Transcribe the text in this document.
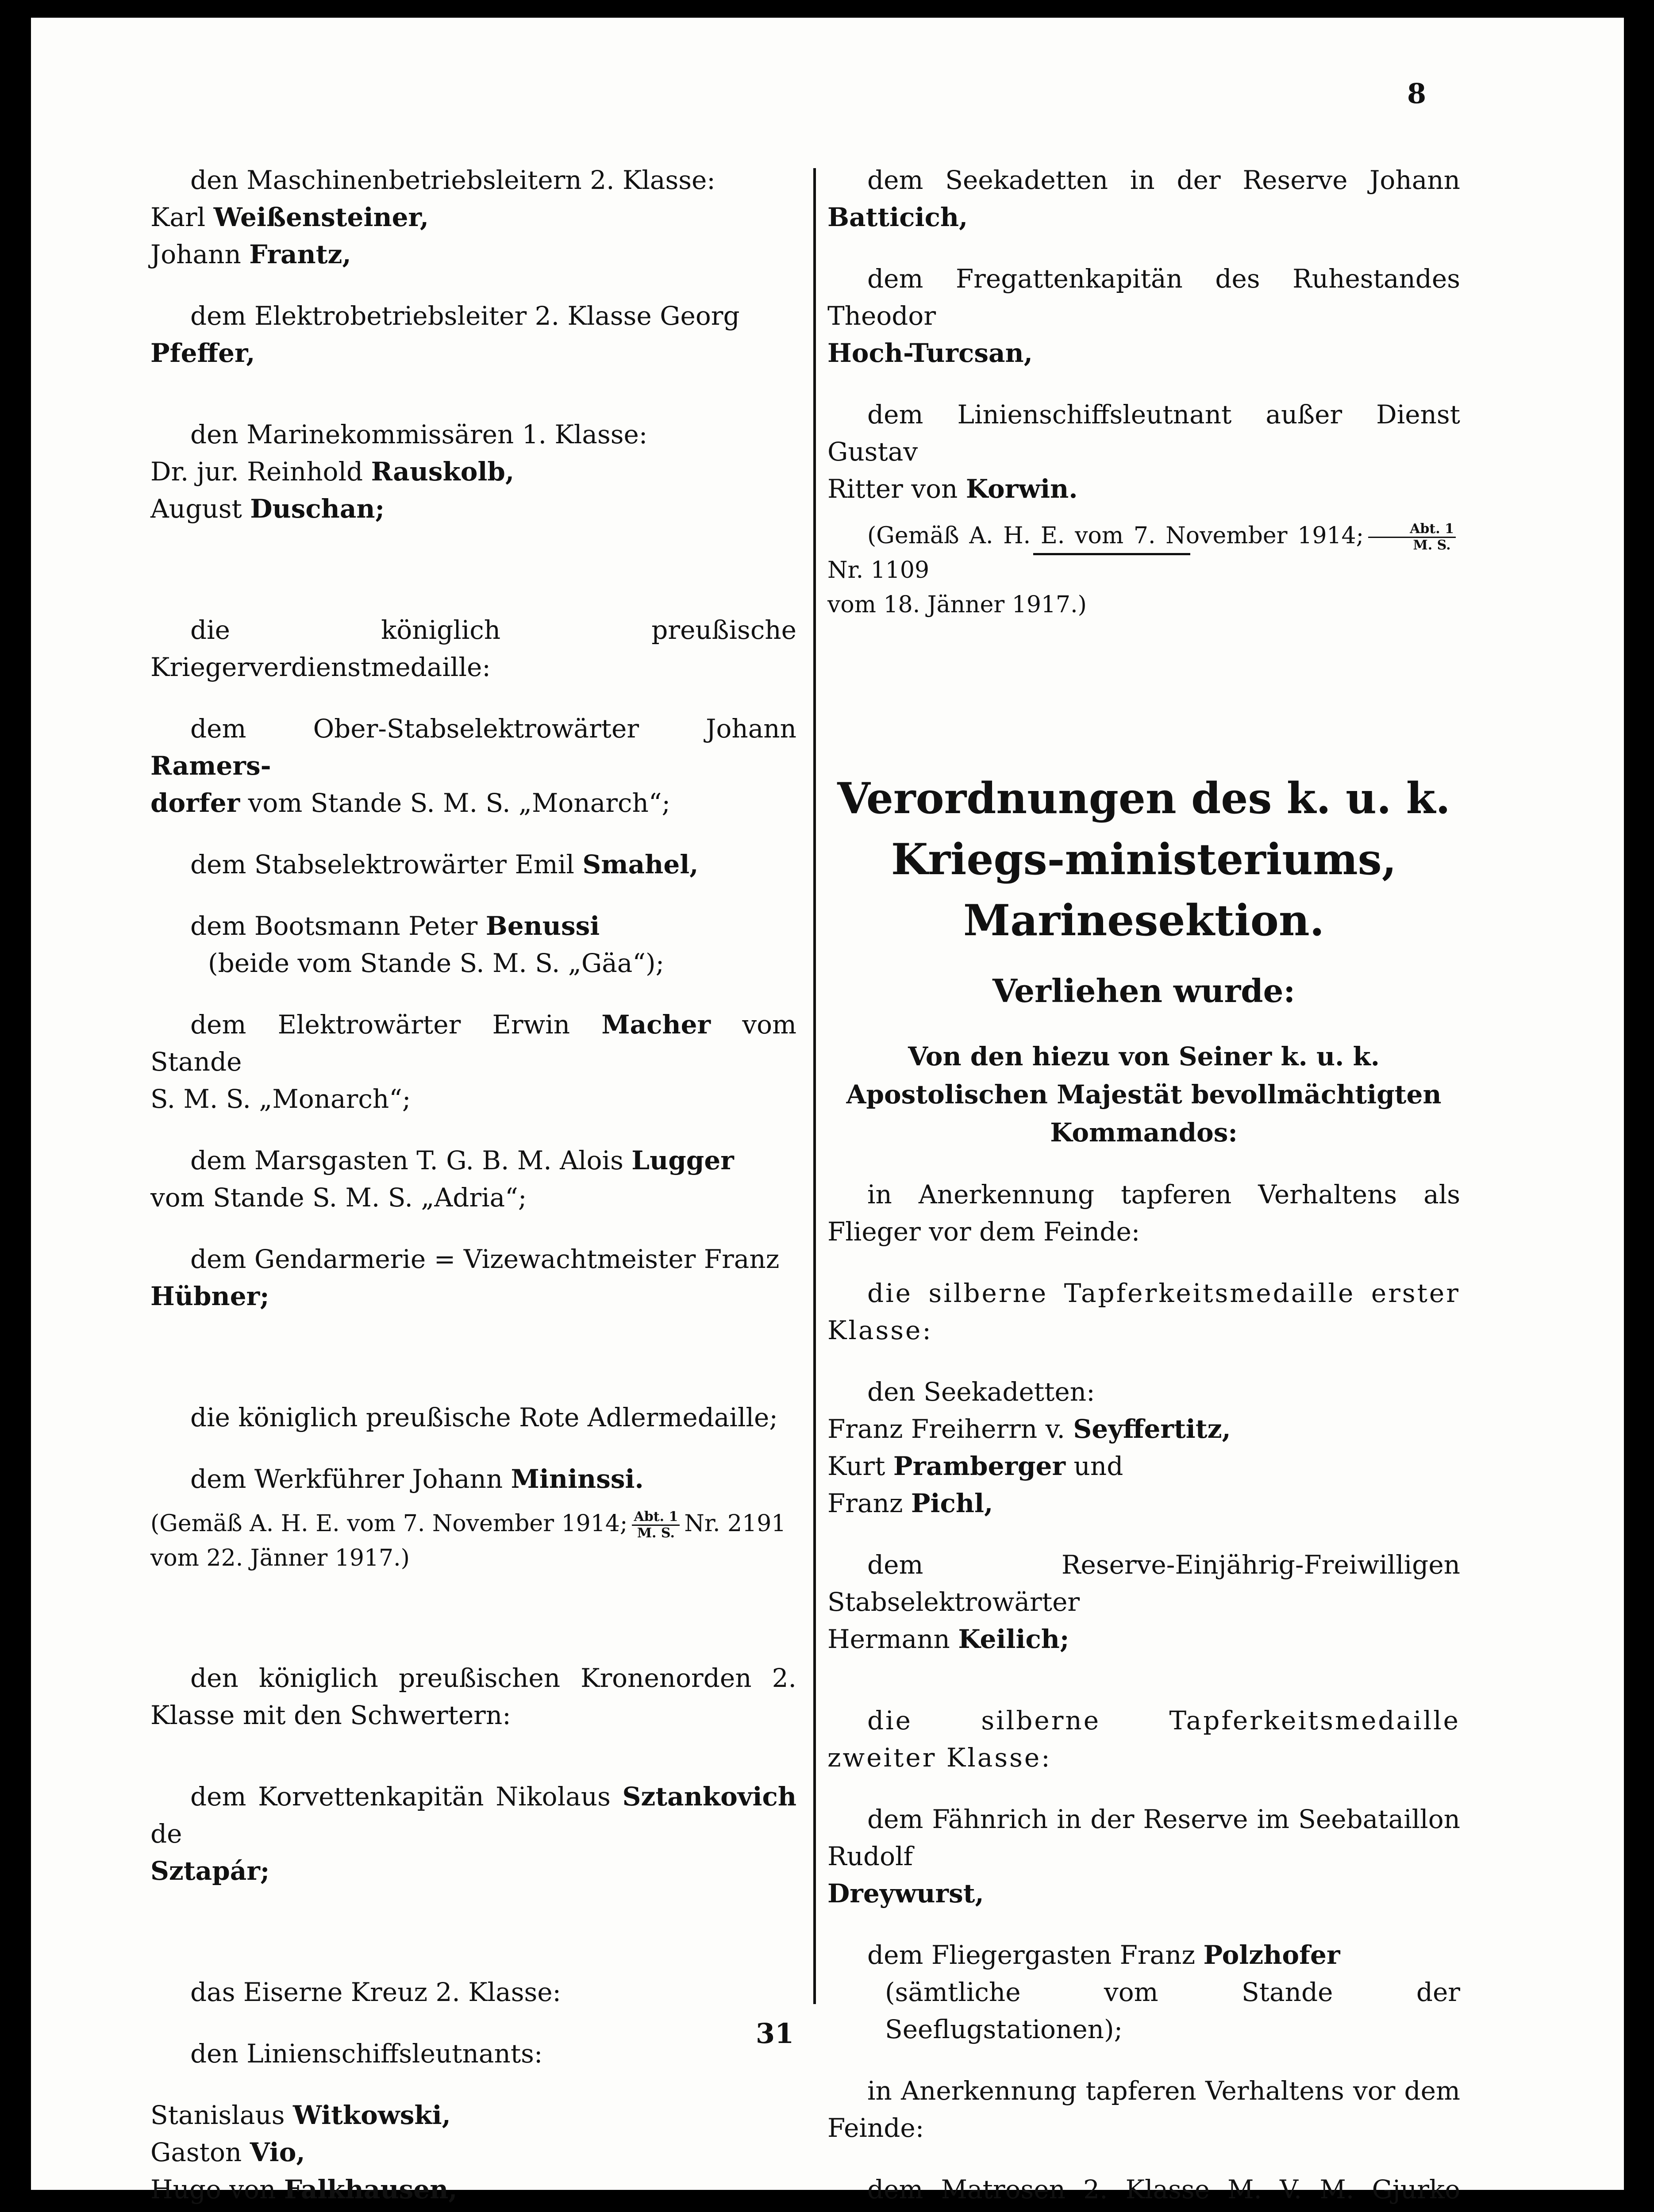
8

den Maschinenbetriebsleitern 2. Klasse:

Karl Weißensteiner,

Johann Frantz,

dem Elektrobetriebsleiter 2. Klasse Georg
Pfeffer,

den Marinekommissären 1. Klasse:

Dr. jur. Reinhold Rauskolb,

August Duschan;

die königlich preußische Kriegerverdienstmedaille:

dem Ober-Stabselektrowärter Johann Ramers-
dorfer vom Stande S. M. S. „Monarch“;

dem Stabselektrowärter Emil Smahel,

dem Bootsmann Peter Benussi

(beide vom Stande S. M. S. „Gäa“);

dem Elektrowärter Erwin Macher vom Stande
S. M. S. „Monarch“;

dem Marsgasten T. G. B. M. Alois Lugger
vom Stande S. M. S. „Adria“;

dem Gendarmerie = Vizewachtmeister Franz
Hübner;

die königlich preußische Rote Adlermedaille;

dem Werkführer Johann Mininssi.

(Gemäß A. H. E. vom 7. November 1914; $\frac{\text{Abt. 1}}{M. S.} Nr$. 2191
vom 22. Jänner 1917.)

den königlich preußischen Kronenorden 2. Klasse mit den Schwertern:

dem Korvettenkapitän Nikolaus Sztankovich de
Sztapár;

das Eiserne Kreuz 2. Klasse:

den Linienschiffsleutnants:

Stanislaus Witkowski,

Gaston Vio,

Hugo von Falkhausen,

dem Seekadetten in der Reserve Johann Batticich,

dem Fregattenkapitän des Ruhestandes Theodor
Hoch-Turcsan,

dem Linienschiffsleutnant außer Dienst Gustav
Ritter von Korwin.

(Gemäß A. H. E. vom 7. November 1914; $\frac{\text{Abt. 1}}{M. S.}$
Nr. 1109
vom 18. Jänner 1917.)

Verordnungen des k. u. k. Kriegs-ministeriums, Marinesektion.

Verliehen wurde:

Von den hiezu von Seiner k. u. k. Apostolischen Majestät bevollmächtigten Kommandos:

in Anerkennung tapferen Verhaltens als Flieger vor dem Feinde:

die silberne Tapferkeitsmedaille erster Klasse:

den Seekadetten:

Franz Freiherrn v. Seyffertitz,

Kurt Pramberger und

Franz Pichl,

dem Reserve-Einjährig-Freiwilligen Stabselektrowärter
Hermann Keilich;

die silberne Tapferkeitsmedaille zweiter Klasse:

dem Fähnrich in der Reserve im Seebataillon Rudolf
Dreywurst,

dem Fliegergasten Franz Polzhofer

(sämtliche vom Stande der Seeflugstationen);

in Anerkennung tapferen Verhaltens vor dem Feinde:

dem Matrosen 2. Klasse M. V. M. Gjurko

31
